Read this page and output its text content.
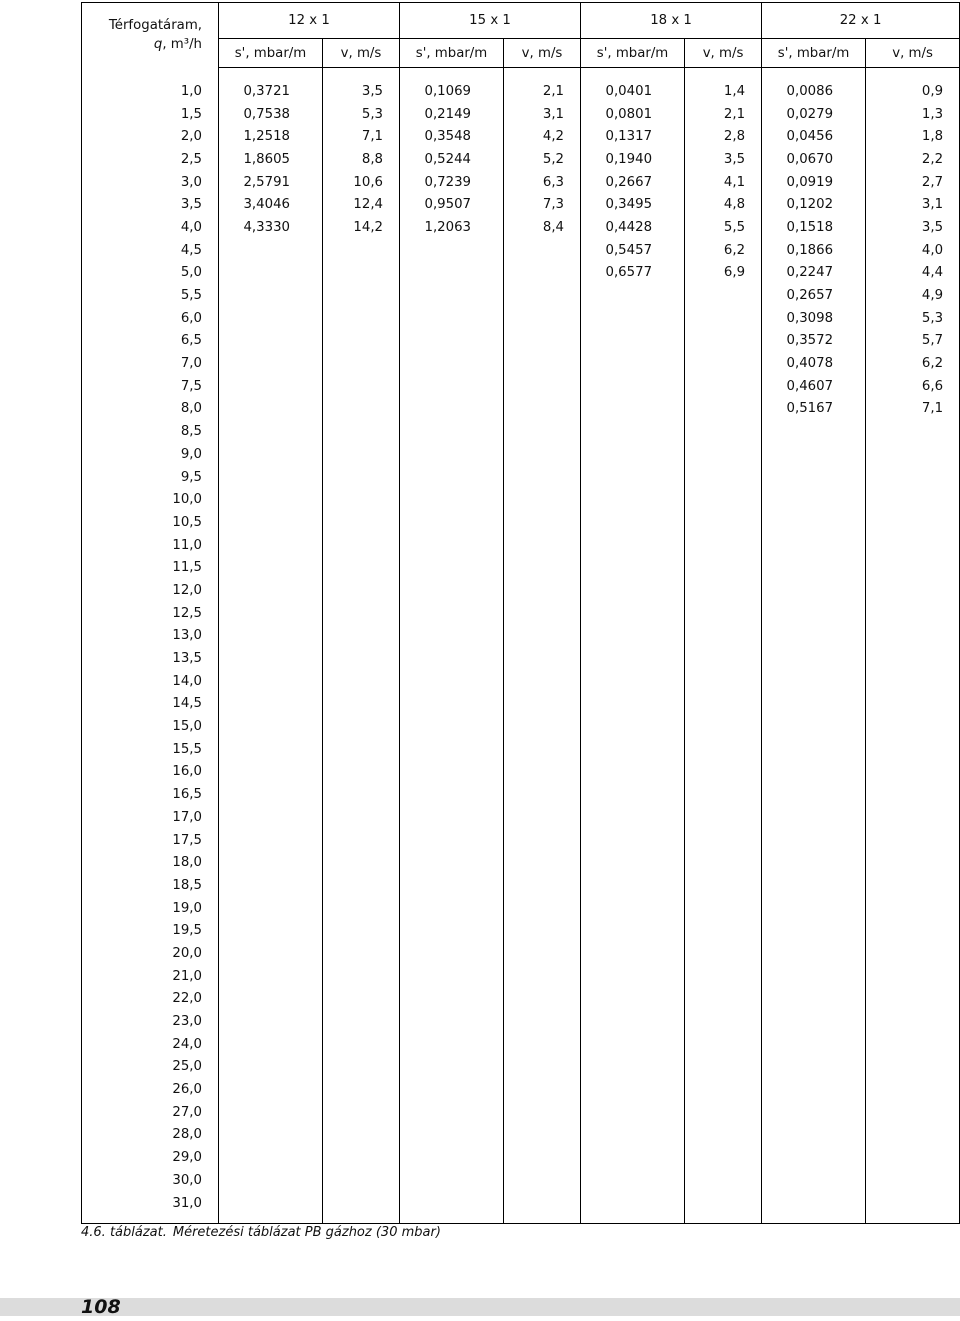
Térfogatáram,
q, m³/h	12 x 1		15 x 1		18 x 1		22 x 1	
	s', mbar/m	v, m/s	s', mbar/m	v, m/s	s', mbar/m	v, m/s	s', mbar/m	v, m/s

1,0	0,3721	3,5	0,1069	2,1	0,0401	1,4	0,0086	0,9
1,5	0,7538	5,3	0,2149	3,1	0,0801	2,1	0,0279	1,3
2,0	1,2518	7,1	0,3548	4,2	0,1317	2,8	0,0456	1,8
2,5	1,8605	8,8	0,5244	5,2	0,1940	3,5	0,0670	2,2
3,0	2,5791	10,6	0,7239	6,3	0,2667	4,1	0,0919	2,7
3,5	3,4046	12,4	0,9507	7,3	0,3495	4,8	0,1202	3,1
4,0	4,3330	14,2	1,2063	8,4	0,4428	5,5	0,1518	3,5
4,5					0,5457	6,2	0,1866	4,0
5,0					0,6577	6,9	0,2247	4,4
5,5							0,2657	4,9
6,0							0,3098	5,3
6,5							0,3572	5,7
7,0							0,4078	6,2
7,5							0,4607	6,6
8,0							0,5167	7,1
8,5								
9,0								
9,5								
10,0								
10,5								
11,0								
11,5								
12,0								
12,5								
13,0								
13,5								
14,0								
14,5								
15,0								
15,5								
16,0								
16,5								
17,0								
17,5								
18,0								
18,5								
19,0								
19,5								
20,0								
21,0								
22,0								
23,0								
24,0								
25,0								
26,0								
27,0								
28,0								
29,0								
30,0								
31,0								

4.6. táblázat. Méretezési táblázat PB gázhoz (30 mbar)
108
